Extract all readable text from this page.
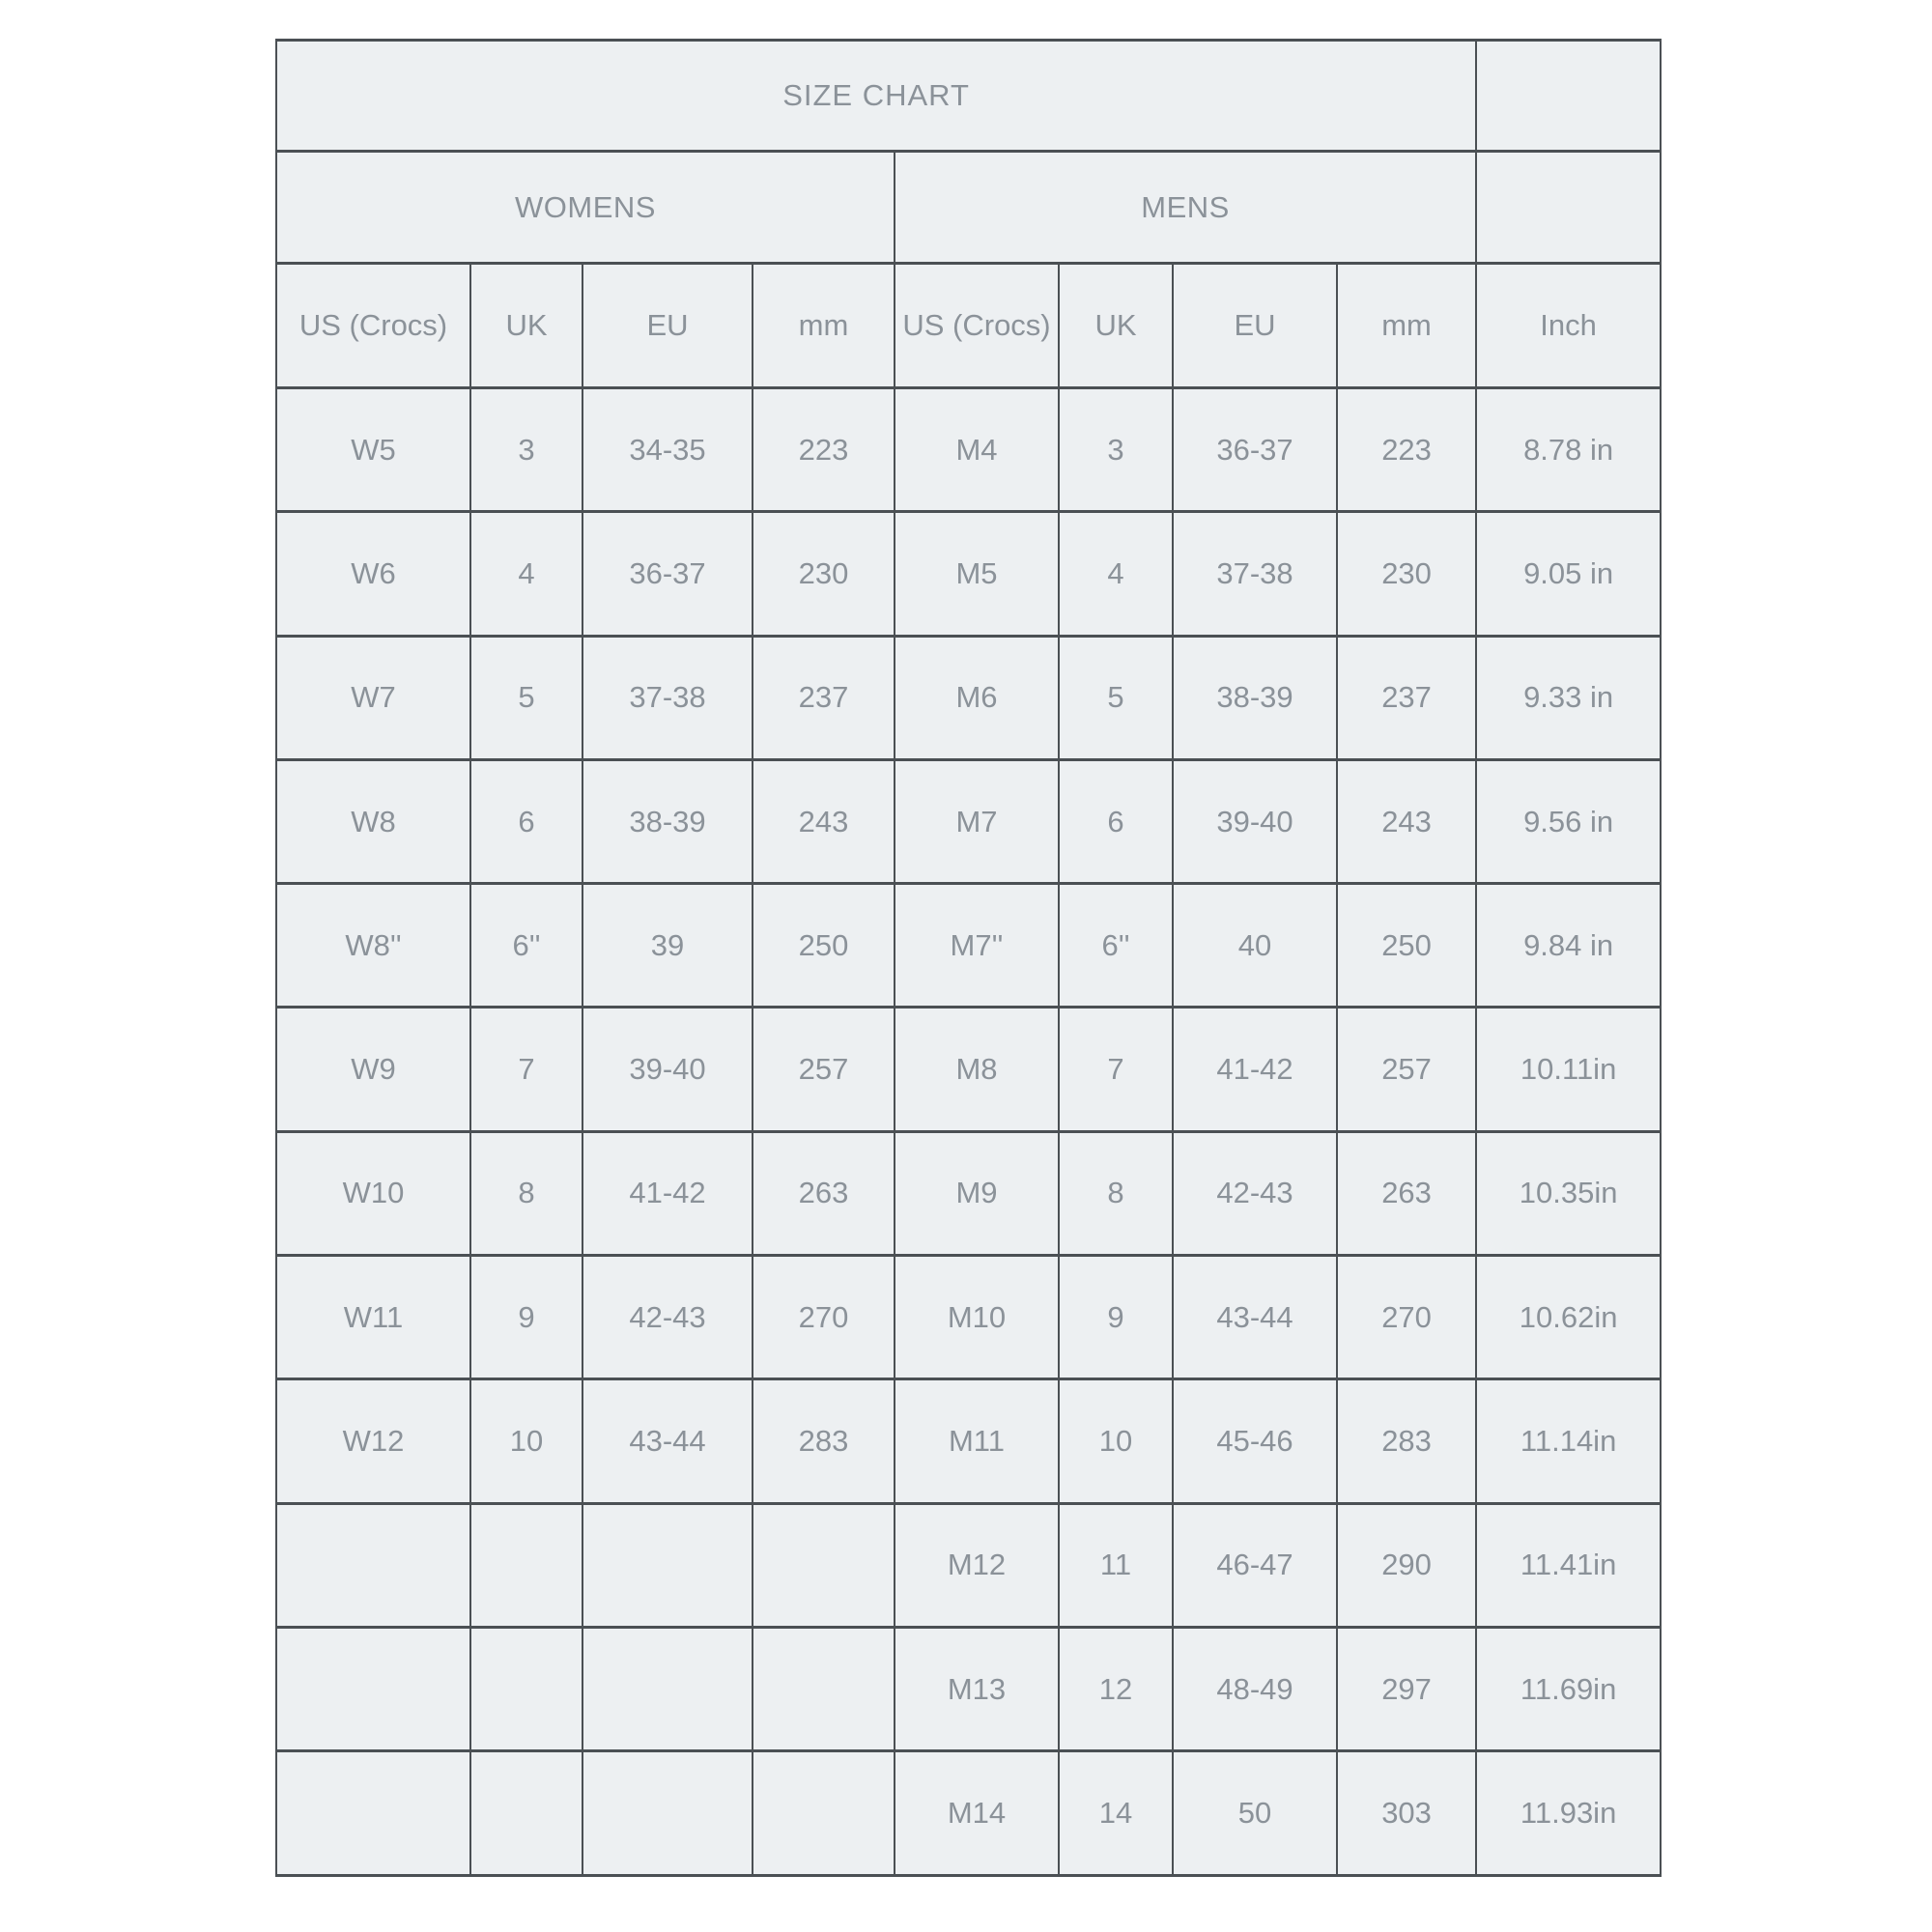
SIZE CHART								
WOMENS				MENS				
US (Crocs)	UK	EU	mm	US (Crocs)	UK	EU	mm	Inch
W5	3	34-35	223	M4	3	36-37	223	8.78 in
W6	4	36-37	230	M5	4	37-38	230	9.05 in
W7	5	37-38	237	M6	5	38-39	237	9.33 in
W8	6	38-39	243	M7	6	39-40	243	9.56 in
W8''	6''	39	250	M7''	6''	40	250	9.84 in
W9	7	39-40	257	M8	7	41-42	257	10.11in
W10	8	41-42	263	M9	8	42-43	263	10.35in
W11	9	42-43	270	M10	9	43-44	270	10.62in
W12	10	43-44	283	M11	10	45-46	283	11.14in
				M12	11	46-47	290	11.41in
				M13	12	48-49	297	11.69in
				M14	14	50	303	11.93in
